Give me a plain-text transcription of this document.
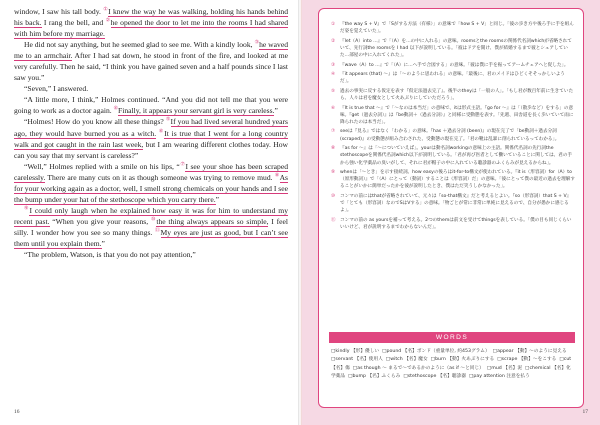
window, I saw his tall body. ①I knew the way he was walking, holding his hands behind his back. I rang the bell, and ②he opened the door to let me into the rooms I had shared with him before my marriage.

He did not say anything, but he seemed glad to see me. With a kindly look, ③he waved me to an armchair. After I had sat down, he stood in front of the fire, and looked at me very carefully. Then he said, “I think you have gained seven and a half pounds since I last saw you.”

“Seven,” I answered.

“A little more, I think,” Holmes continued. “And you did not tell me that you were going to work as a doctor again. ④Finally, it appears your servant girl is very careless.”

“Holmes! How do you know all these things? ⑤If you had lived several hundred years ago, they would have burned you as a witch. ⑥It is true that I went for a long country walk and got caught in the rain last week, but I am wearing different clothes today. How can you say that my servant is careless?”

“Well,” Holmes replied with a smile on his lips, “⑦I see your shoe has been scraped carelessly. There are many cuts on it as though someone was trying to remove mud. ⑧As for your working again as a doctor, well, I smell strong chemicals on your hands and I see the bump under your hat of the stethoscope which you carry there.”

⑨I could only laugh when he explained how easy it was for him to understand my recent past. “When you give your reasons, ⑩the thing always appears so simple, I feel silly. I wonder how you see so many things. ⑪My eyes are just as good, but I can’t see them until you explain them.”

“The problem, Watson, is that you do not pay attention,”

16	17
①	『the way S + V』で「Sがする方法（有様）」の意味で「how S + V」と同じ。「彼の歩き方や後ろ手に手を組んだ姿を覚えていた」。
②	『let（A）into …』で「（A）を…の中に入れる」の意味。roomsとthe roomsの関係代名詞whichが省略されていて、先行詞the roomsを I had 以下が説明している。「彼はドアを開け、僕が結婚するまで彼とシェアしていた…部屋の中に入れてくれた」。
③	『wave（A）to …』で「（A）に…へ手で合図する」の意味。「彼は僕に手を振ってアームチェアへと促した」。
④	『it appears (that) 〜』は「〜のように思われる」の意味。「最後に、君のメイドはひどくそそっかしいようだ」。
⑤	過去の事実に反する仮定を表す『仮定法過去完了』。後半のtheyは「一般の人」。「もし君が数百年前に生きていたら、人々は君を魔女として火あぶりにしていただろう」。
⑥	『It is true that 〜』で「〜なのは本当だ」の意味で、itは形式主語。『go for 〜』は「（散歩など）をする」の意味。『get（過去分詞）』は『be動詞＋（過去分詞）』と同様に受動態を表す。「先週、田舎道を長く歩いていて雨に降られたのは本当だ」。
⑦	seeは『見る』ではなく「わかる」の意味。『has ＋過去分詞 (been)』の現在完了で「be動詞＋過去分詞 (scraped)』の受動態が組み合わされた、受動態の現在完了。「君の靴は乱暴に削られているってわかる」。
⑧	『as for 〜』は「〜についていえば」。yourは動名詞workingの意味上の主語。関係代名詞の先行詞the stethoscopeを関係代名詞which以下が説明している。「君が再び医者として働いていることに関しては、君の手から強い化学薬品の臭いがして、それに君が帽子の中に入れている聴診器のふくらみが見えるからね」。
⑨	whenは「〜とき」を示す接続詞。how easyの後ろはit-for-to構文が使われている。『it is（形容詞）for（A）to（原形動詞）』で「（A）にとって（動詞）することは（形容詞）だ」の意味。「彼にとって僕の最近の過去を理解することがいかに簡単だったかを彼が説明したとき、僕はただ笑うしかなかった」。
⑩	コンマの前にはthatが省略されていて、元々は『so-that構文』だと考えるとよい。『so（形容詞）that S + V』で「とても（形容詞）なのでSはVする」の意味。「物ごとが常に非常に単純に見えるので、自分が愚かに感じるよ」。
⑪ コンマの前の as yoursを補って考える。2つのthemは前文を受けてthingsを表している。「僕の目も同じくらいいいけど、君が説明するまでわからないんだ」。
WORDS
□kindly 【形】優しい □pound 【名】ポンド（重量単位, 約453グラム） □appear 【動】〜のように見える□servant 【名】使用人 □witch 【名】魔女 □burn 【動】火あぶりにする □scrape 【動】〜をこする □cut 【名】傷 □as though 〜 まるで〜であるかのように（as if 〜と同じ） □mud 【名】泥 □chemical 【名】化学薬品 □bump 【名】ふくらみ □stethoscope 【名】聴診器 □pay attention 注意を払う
